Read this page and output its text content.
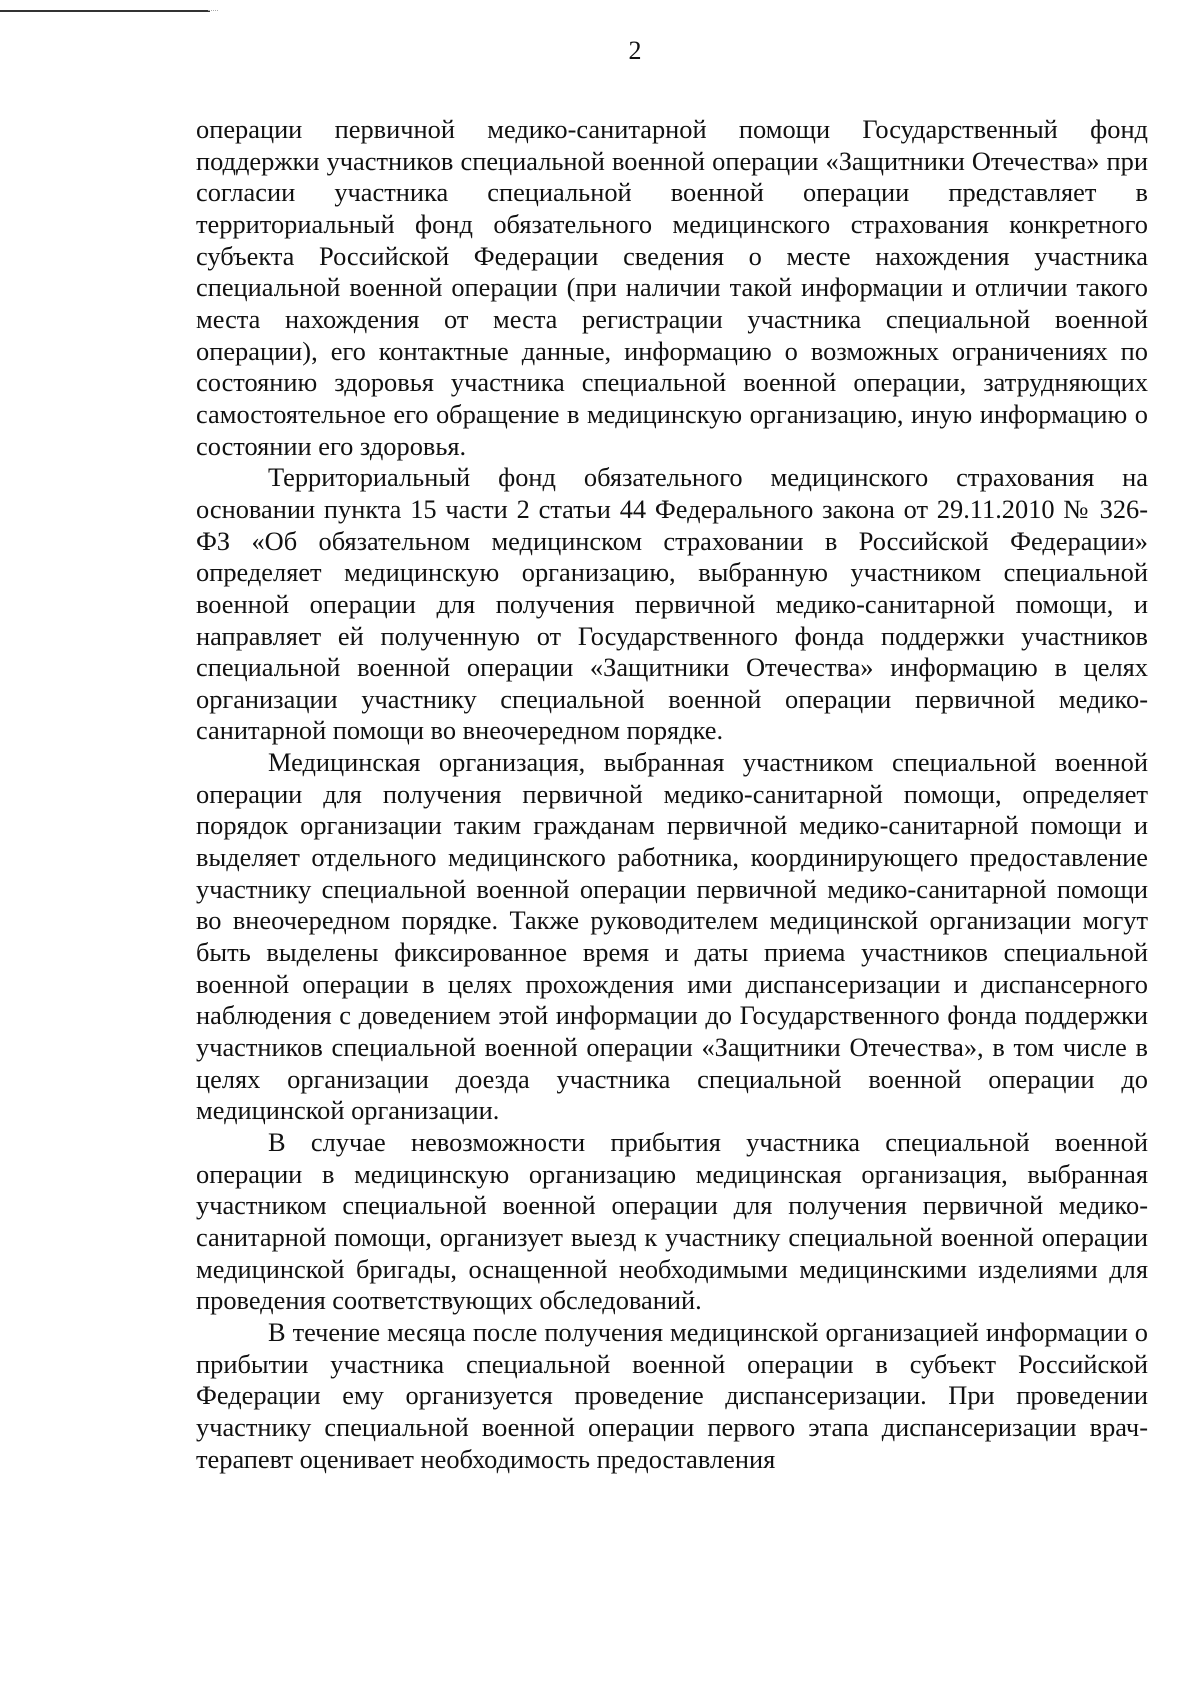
2

операции первичной медико-санитарной помощи Государственный фонд поддержки участников специальной военной операции «Защитники Отечества» при согласии участника специальной военной операции представляет в территориальный фонд обязательного медицинского страхования конкретного субъекта Российской Федерации сведения о месте нахождения участника специальной военной операции (при наличии такой информации и отличии такого места нахождения от места регистрации участника специальной военной операции), его контактные данные, информацию о возможных ограничениях по состоянию здоровья участника специальной военной операции, затрудняющих самостоятельное его обращение в медицинскую организацию, иную информацию о состоянии его здоровья.

Территориальный фонд обязательного медицинского страхования на основании пункта 15 части 2 статьи 44 Федерального закона от 29.11.2010 № 326-ФЗ «Об обязательном медицинском страховании в Российской Федерации» определяет медицинскую организацию, выбранную участником специальной военной операции для получения первичной медико-санитарной помощи, и направляет ей полученную от Государственного фонда поддержки участников специальной военной операции «Защитники Отечества» информацию в целях организации участнику специальной военной операции первичной медико-санитарной помощи во внеочередном порядке.

Медицинская организация, выбранная участником специальной военной операции для получения первичной медико-санитарной помощи, определяет порядок организации таким гражданам первичной медико-санитарной помощи и выделяет отдельного медицинского работника, координирующего предоставление участнику специальной военной операции первичной медико-санитарной помощи во внеочередном порядке. Также руководителем медицинской организации могут быть выделены фиксированное время и даты приема участников специальной военной операции в целях прохождения ими диспансеризации и диспансерного наблюдения с доведением этой информации до Государственного фонда поддержки участников специальной военной операции «Защитники Отечества», в том числе в целях организации доезда участника специальной военной операции до медицинской организации.

В случае невозможности прибытия участника специальной военной операции в медицинскую организацию медицинская организация, выбранная участником специальной военной операции для получения первичной медико-санитарной помощи, организует выезд к участнику специальной военной операции медицинской бригады, оснащенной необходимыми медицинскими изделиями для проведения соответствующих обследований.

В течение месяца после получения медицинской организацией информации о прибытии участника специальной военной операции в субъект Российской Федерации ему организуется проведение диспансеризации. При проведении участнику специальной военной операции первого этапа диспансеризации врач-терапевт оценивает необходимость предоставления
